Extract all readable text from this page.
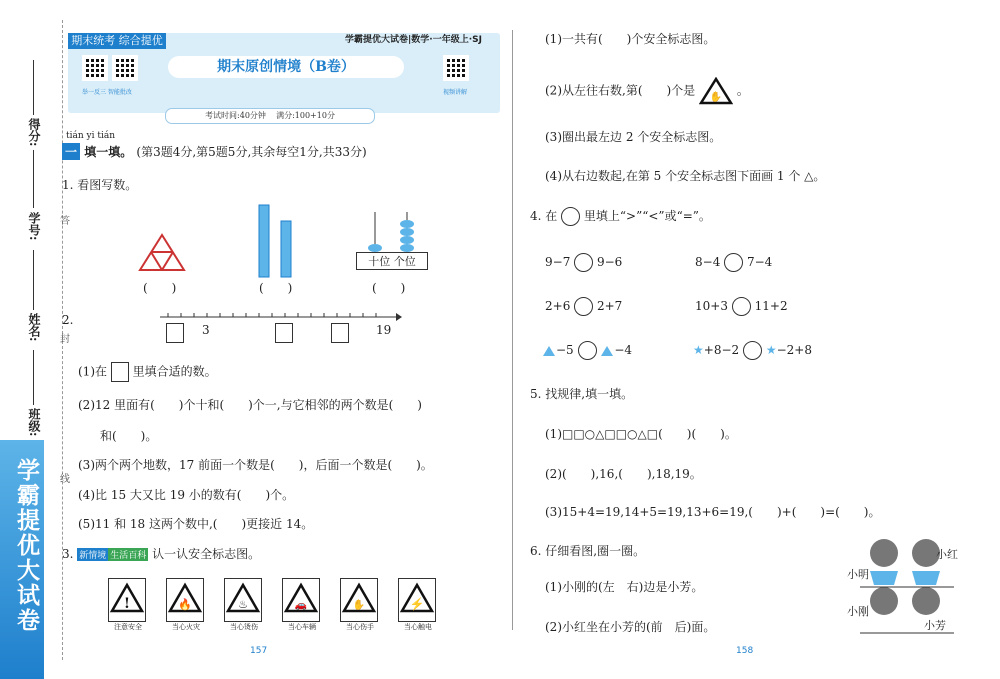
学霸提优大试卷
得分:
学号:
姓名:
班级:
答
封
线
期末统考 综合提优	学霸提优大试卷|数学·一年级上·SJ
举一反三 智能批改
期末原创情境（B卷）
视频讲解
考试时间:40分钟 满分:100+10分
tián yi tián
一 填一填。 (第3题4分,第5题5分,其余每空1分,共33分)
1. 看图写数。
十位 个位
(　　)	(　　)	(　　)
2.
3	19
(1)在 里填合适的数。
(2)12 里面有(　　)个十和(　　)个一,与它相邻的两个数是(　　)
和(　　)。
(3)两个两个地数，17 前面一个数是(　　)，后面一个数是(　　)。
(4)比 15 大又比 19 小的数有(　　)个。
(5)11 和 18 这两个数中,(　　)更接近 14。
3. 新情境 生活百科 认一认安全标志图。
!
注意安全
🔥
当心火灾
♨
当心烫伤
🚗
当心车辆
✋
当心伤手
⚡
当心触电
157
(1)一共有(　　)个安全标志图。
(2)从左往右数,第(　　)个是 ✋ 。
(3)圈出最左边 2 个安全标志图。
(4)从右边数起,在第 5 个安全标志图下面画 1 个 △。
4. 在 里填上“>”“<”或“=”。
9−7 9−6	8−4 7−4
2+6 2+7	10+3 11+2
−5	−4	★+8−2 ★−2+8
5. 找规律,填一填。
(1)□□○△□□○△□(　　)(　　)。
(2)(　　),16,(　　),18,19。
(3)15+4=19,14+5=19,13+6=19,(　　)+(　　)=(　　)。
6. 仔细看图,圈一圈。
(1)小刚的(左　右)边是小芳。
(2)小红坐在小芳的(前　后)面。
小红
小明
小刚
小芳
158
